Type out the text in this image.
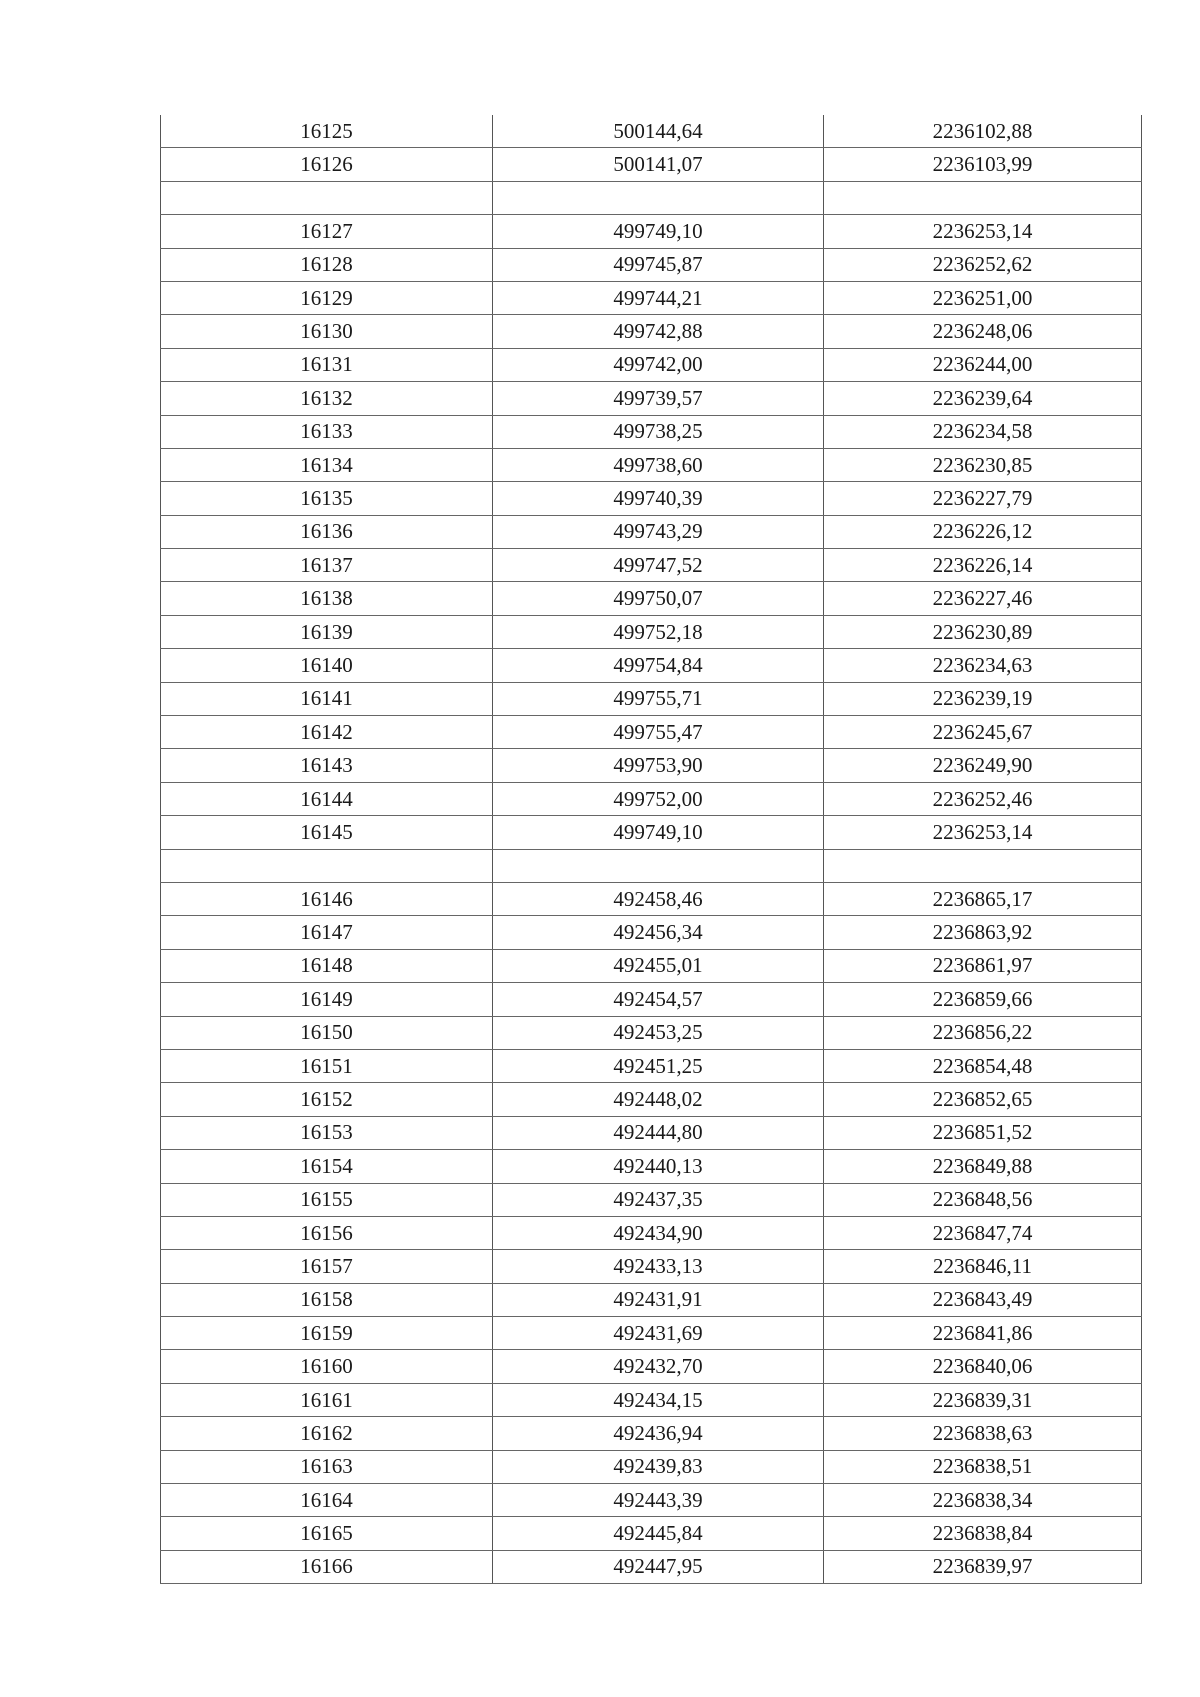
16125	500144,64	2236102,88
16126	500141,07	2236103,99

16127	499749,10	2236253,14
16128	499745,87	2236252,62
16129	499744,21	2236251,00
16130	499742,88	2236248,06
16131	499742,00	2236244,00
16132	499739,57	2236239,64
16133	499738,25	2236234,58
16134	499738,60	2236230,85
16135	499740,39	2236227,79
16136	499743,29	2236226,12
16137	499747,52	2236226,14
16138	499750,07	2236227,46
16139	499752,18	2236230,89
16140	499754,84	2236234,63
16141	499755,71	2236239,19
16142	499755,47	2236245,67
16143	499753,90	2236249,90
16144	499752,00	2236252,46
16145	499749,10	2236253,14

16146	492458,46	2236865,17
16147	492456,34	2236863,92
16148	492455,01	2236861,97
16149	492454,57	2236859,66
16150	492453,25	2236856,22
16151	492451,25	2236854,48
16152	492448,02	2236852,65
16153	492444,80	2236851,52
16154	492440,13	2236849,88
16155	492437,35	2236848,56
16156	492434,90	2236847,74
16157	492433,13	2236846,11
16158	492431,91	2236843,49
16159	492431,69	2236841,86
16160	492432,70	2236840,06
16161	492434,15	2236839,31
16162	492436,94	2236838,63
16163	492439,83	2236838,51
16164	492443,39	2236838,34
16165	492445,84	2236838,84
16166	492447,95	2236839,97
